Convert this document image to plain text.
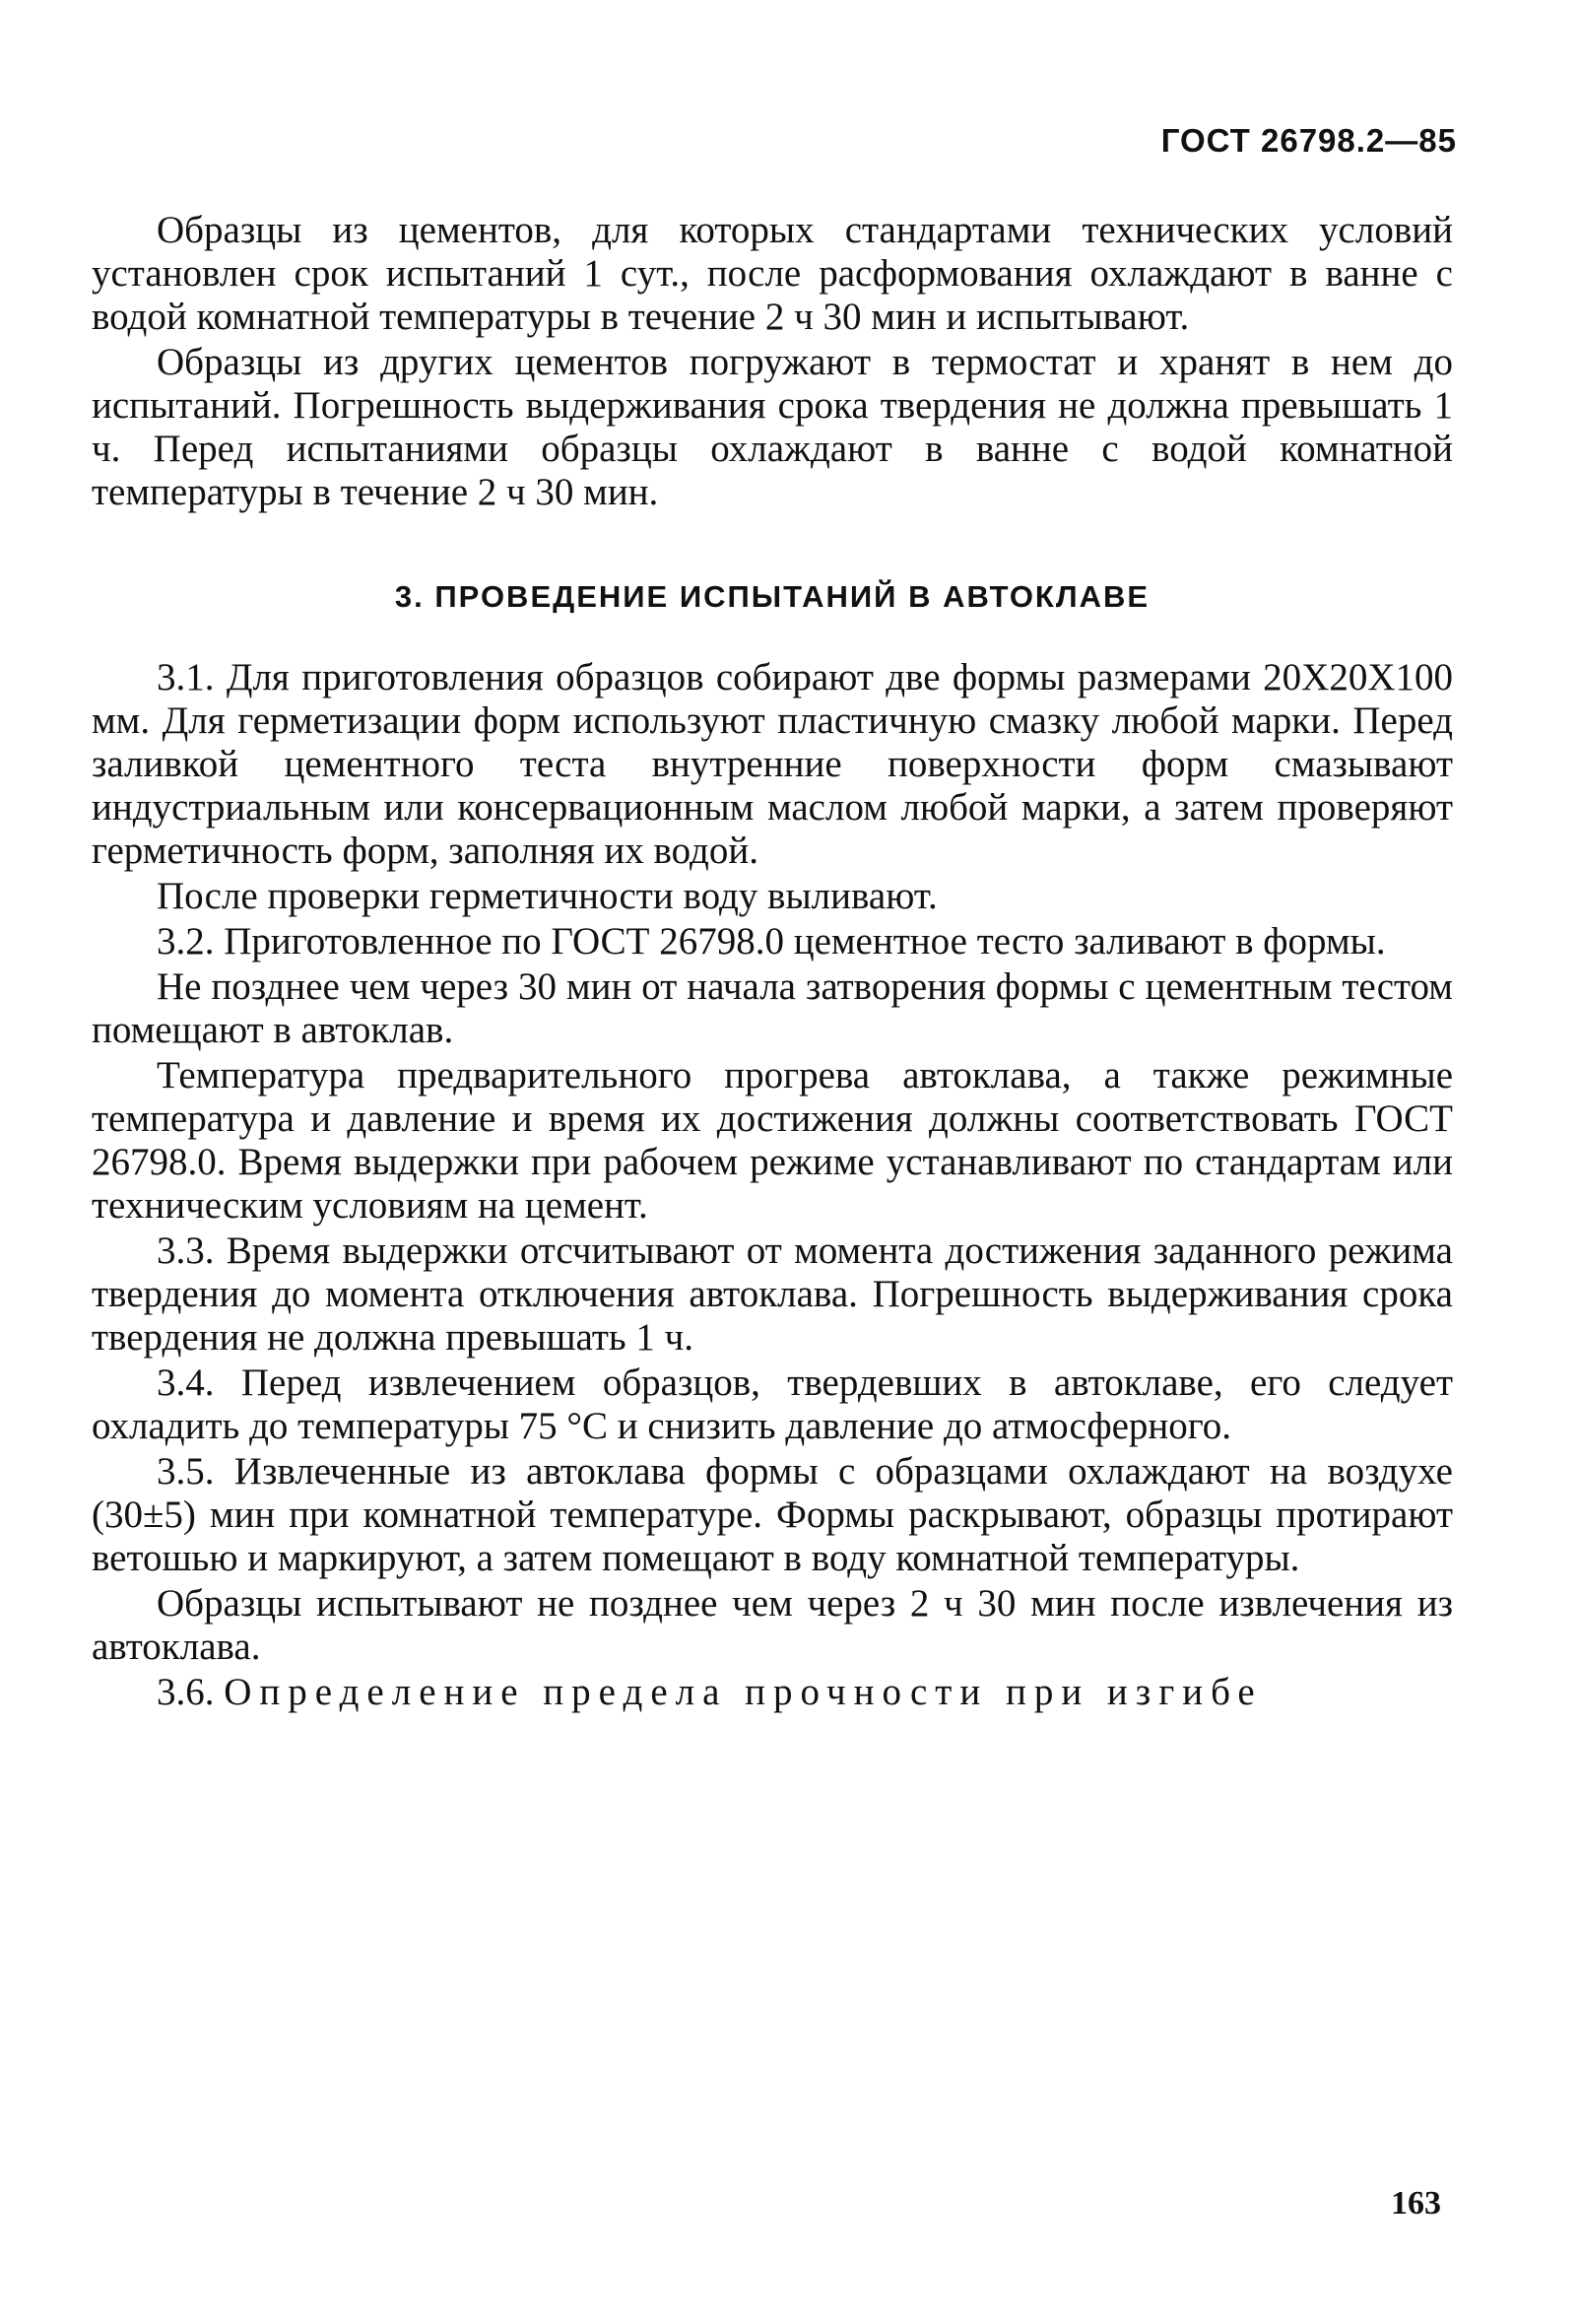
ГОСТ 26798.2—85

Образцы из цементов, для которых стандартами технических условий установлен срок испытаний 1 сут., после расформования охлаждают в ванне с водой комнатной температуры в течение 2 ч 30 мин и испытывают.

Образцы из других цементов погружают в термостат и хранят в нем до испытаний. Погрешность выдерживания срока твердения не должна превышать 1 ч. Перед испытаниями образцы охлаждают в ванне с водой комнатной температуры в течение 2 ч 30 мин.

3. ПРОВЕДЕНИЕ ИСПЫТАНИЙ В АВТОКЛАВЕ

3.1. Для приготовления образцов собирают две формы размерами 20Х20Х100 мм. Для герметизации форм используют пластичную смазку любой марки. Перед заливкой цементного теста внутренние поверхности форм смазывают индустриальным или консервационным маслом любой марки, а затем проверяют герметичность форм, заполняя их водой.

После проверки герметичности воду выливают.

3.2. Приготовленное по ГОСТ 26798.0 цементное тесто заливают в формы.

Не позднее чем через 30 мин от начала затворения формы с цементным тестом помещают в автоклав.

Температура предварительного прогрева автоклава, а также режимные температура и давление и время их достижения должны соответствовать ГОСТ 26798.0. Время выдержки при рабочем режиме устанавливают по стандартам или техническим условиям на цемент.

3.3. Время выдержки отсчитывают от момента достижения заданного режима твердения до момента отключения автоклава. Погрешность выдерживания срока твердения не должна превышать 1 ч.

3.4. Перед извлечением образцов, твердевших в автоклаве, его следует охладить до температуры 75 °С и снизить давление до атмосферного.

3.5. Извлеченные из автоклава формы с образцами охлаждают на воздухе (30±5) мин при комнатной температуре. Формы раскрывают, образцы протирают ветошью и маркируют, а затем помещают в воду комнатной температуры.

Образцы испытывают не позднее чем через 2 ч 30 мин после извлечения из автоклава.

3.6. Определение предела прочности при изгибе

163
